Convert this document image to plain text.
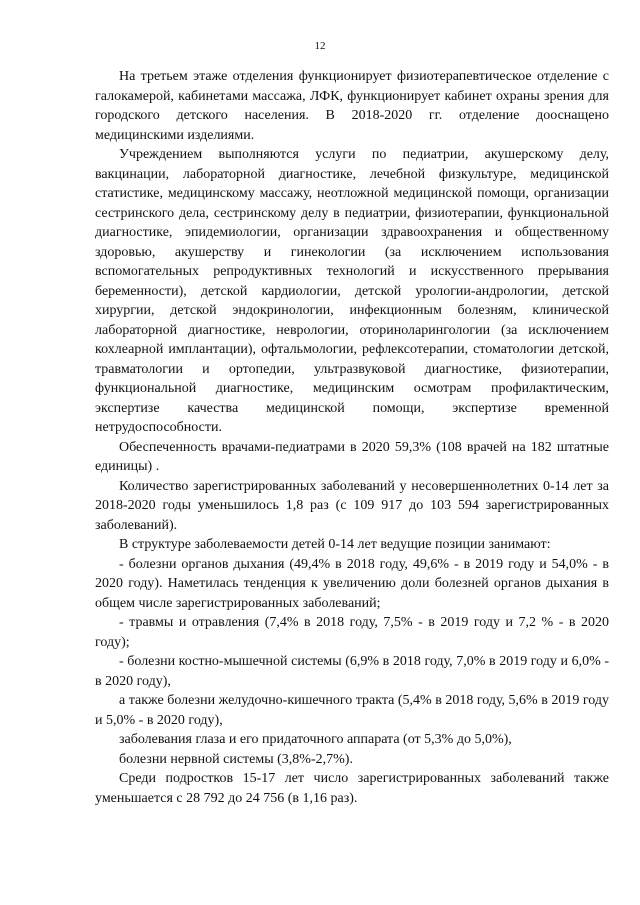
12

На третьем этаже отделения функционирует физиотерапевтическое отделение с галокамерой, кабинетами массажа, ЛФК, функционирует кабинет охраны зрения для городского детского населения. В 2018-2020 гг. отделение дооснащено медицинскими изделиями.

Учреждением выполняются услуги по педиатрии, акушерскому делу, вакцинации, лабораторной диагностике, лечебной физкультуре, медицинской статистике, медицинскому массажу, неотложной медицинской помощи, организации сестринского дела, сестринскому делу в педиатрии, физиотерапии, функциональной диагностике, эпидемиологии, организации здравоохранения и общественному здоровью, акушерству и гинекологии (за исключением использования вспомогательных репродуктивных технологий и искусственного прерывания беременности), детской кардиологии, детской урологии-андрологии, детской хирургии, детской эндокринологии, инфекционным болезням, клинической лабораторной диагностике, неврологии, оториноларингологии (за исключением кохлеарной имплантации), офтальмологии, рефлексотерапии, стоматологии детской, травматологии и ортопедии, ультразвуковой диагностике, физиотерапии, функциональной диагностике, медицинским осмотрам профилактическим, экспертизе качества медицинской помощи, экспертизе временной нетрудоспособности.

Обеспеченность врачами-педиатрами в 2020 59,3% (108 врачей на 182 штатные единицы) .

Количество зарегистрированных заболеваний у несовершеннолетних 0-14 лет за 2018-2020 годы уменьшилось 1,8 раз (с 109 917 до 103 594 зарегистрированных заболеваний).

В структуре заболеваемости детей 0-14 лет ведущие позиции занимают:

- болезни органов дыхания (49,4% в 2018 году, 49,6% - в 2019 году и 54,0% - в 2020 году). Наметилась тенденция к увеличению доли болезней органов дыхания в общем числе зарегистрированных заболеваний;

- травмы и отравления (7,4% в 2018 году, 7,5% - в 2019 году и 7,2 % - в 2020 году);

- болезни костно-мышечной системы (6,9% в 2018 году, 7,0% в 2019 году и 6,0% - в 2020 году),

а также болезни желудочно-кишечного тракта (5,4% в 2018 году, 5,6% в 2019 году и 5,0% - в 2020 году),

заболевания глаза и его придаточного аппарата (от 5,3% до 5,0%),

болезни нервной системы (3,8%-2,7%).

Среди подростков 15-17 лет число зарегистрированных заболеваний также уменьшается с 28 792 до 24 756 (в 1,16 раз).
